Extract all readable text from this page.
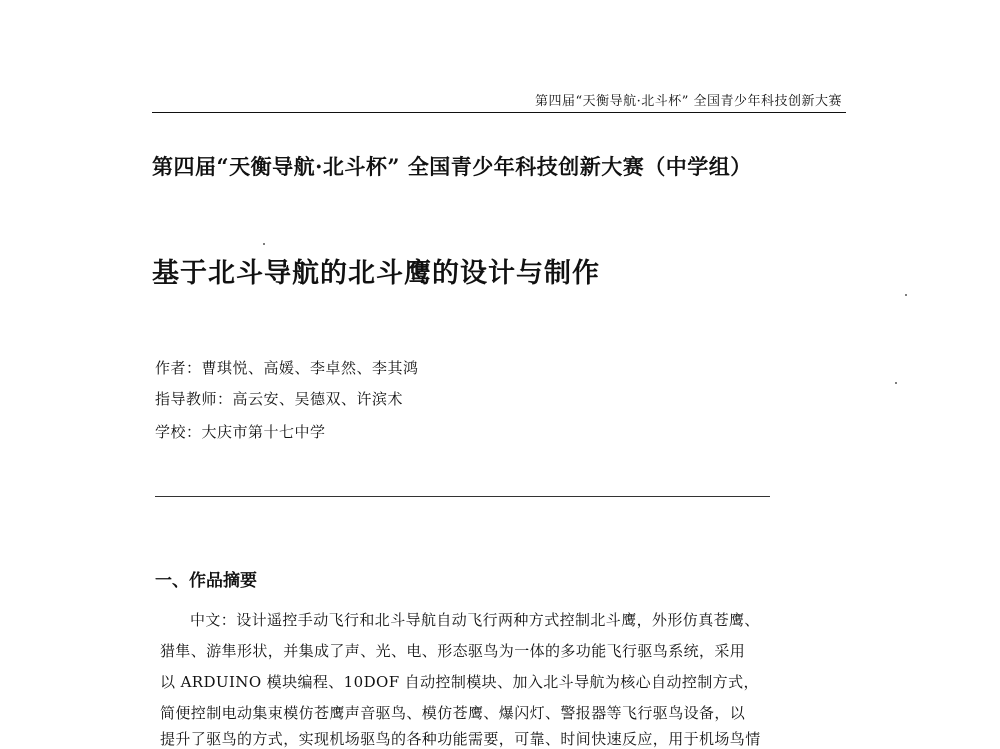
第四届“天衡导航·北斗杯” 全国青少年科技创新大赛
第四届“天衡导航·北斗杯” 全国青少年科技创新大赛（中学组）
基于北斗导航的北斗鹰的设计与制作
作者：曹琪悦、高媛、李卓然、李其鸿
指导教师：高云安、吴德双、许滨术
学校：大庆市第十七中学
一、作品摘要
中文：设计遥控手动飞行和北斗导航自动飞行两种方式控制北斗鹰，外形仿真苍鹰、
猎隼、游隼形状，并集成了声、光、电、形态驱鸟为一体的多功能飞行驱鸟系统，采用
以 ARDUINO 模块编程、10DOF 自动控制模块、加入北斗导航为核心自动控制方式，
简便控制电动集束模仿苍鹰声音驱鸟、模仿苍鹰、爆闪灯、警报器等飞行驱鸟设备，以
提升了驱鸟的方式，实现机场驱鸟的各种功能需要，可靠、时间快速反应，用于机场鸟情
